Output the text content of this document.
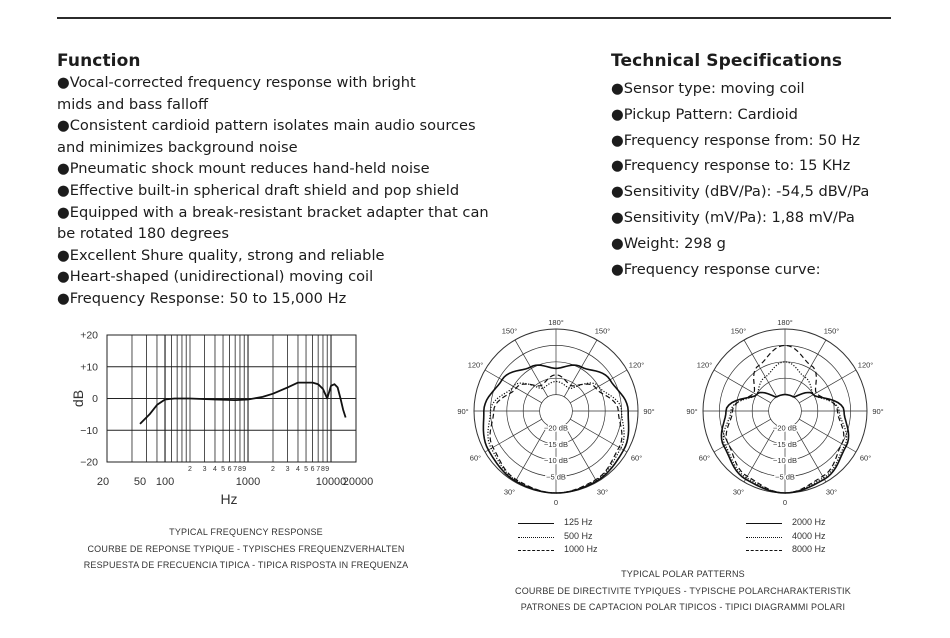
Function
●Vocal-corrected frequency response with bright
mids and bass falloff
●Consistent cardioid pattern isolates main audio sources
and minimizes background noise
●Pneumatic shock mount reduces hand-held noise
●Effective built-in spherical draft shield and pop shield
●Equipped with a break-resistant bracket adapter that can
be rotated 180 degrees
●Excellent Shure quality, strong and reliable
●Heart-shaped (unidirectional) moving coil
●Frequency Response: 50 to 15,000 Hz
Technical Specifications
●Sensor type: moving coil
●Pickup Pattern: Cardioid
●Frequency response from: 50 Hz
●Frequency response to: 15 KHz
●Sensitivity (dBV/Pa): -54,5 dBV/Pa
●Sensitivity (mV/Pa): 1,88 mV/Pa
●Weight: 298 g
●Frequency response curve:
+20
+10
0
−10
−20
20 50 100	1000	10000
20000
2 3 4 5 6 7 8 9	2 3 4 5 6 7 8 9
dB
Hz
TYPICAL FREQUENCY RESPONSE
COURBE DE REPONSE TYPIQUE - TYPISCHES FREQUENZVERHALTEN
RESPUESTA DE FRECUENCIA TIPICA - TIPICA RISPOSTA IN FREQUENZA
180°
150°	150°
120°	120°
90°	90°
60°	60°
30°	30°
0
−20 dB
−15 dB
−10 dB
−5 dB
180°
150°	150°
120°	120°
90°	90°
60°	60°
30°	30°
0
−20 dB
−15 dB
−10 dB
−5 dB
125 Hz
500 Hz
1000 Hz
2000 Hz
4000 Hz
8000 Hz
TYPICAL POLAR PATTERNS
COURBE DE DIRECTIVITE TYPIQUES - TYPISCHE POLARCHARAKTERISTIK
PATRONES DE CAPTACION POLAR TIPICOS - TIPICI DIAGRAMMI POLARI
